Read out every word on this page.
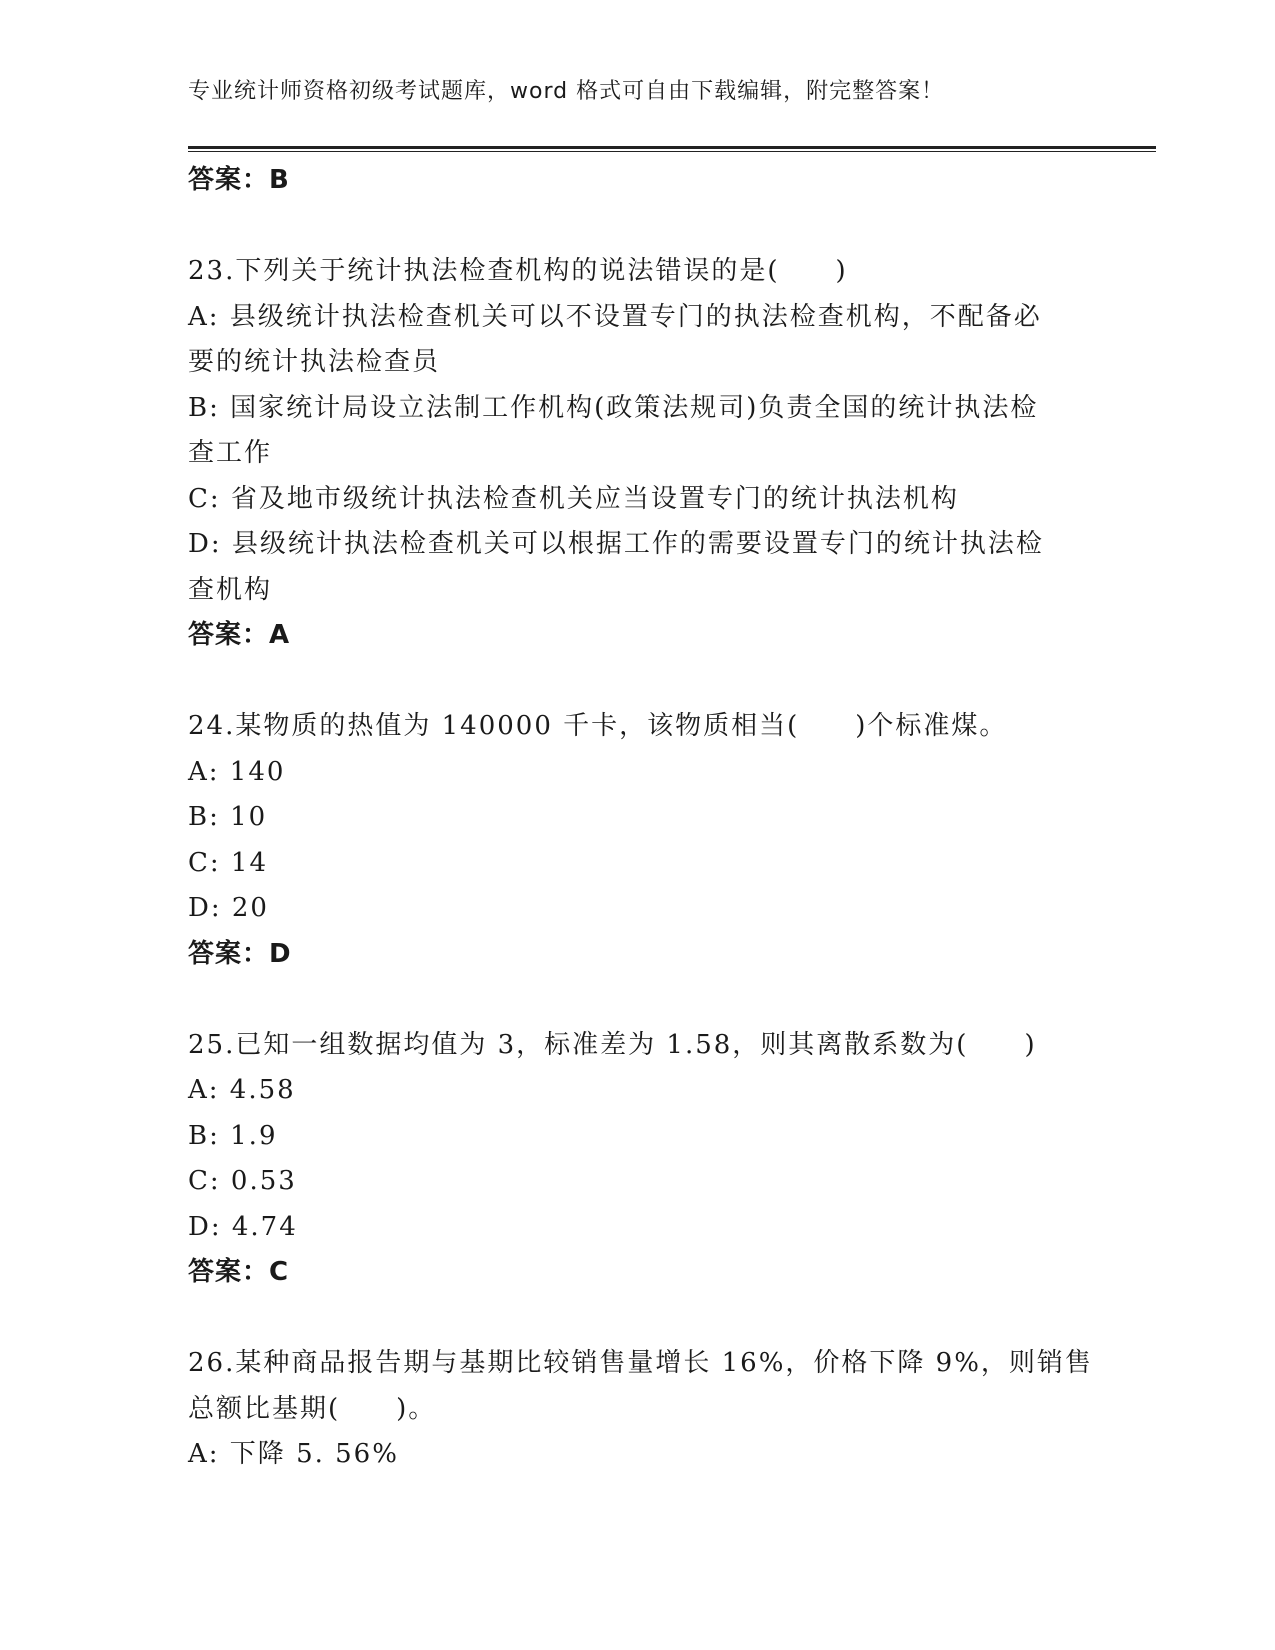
专业统计师资格初级考试题库，word 格式可自由下载编辑，附完整答案！
答案：B
23.下列关于统计执法检查机构的说法错误的是(　　)
A: 县级统计执法检查机关可以不设置专门的执法检查机构，不配备必
要的统计执法检查员
B: 国家统计局设立法制工作机构(政策法规司)负责全国的统计执法检
查工作
C: 省及地市级统计执法检查机关应当设置专门的统计执法机构
D: 县级统计执法检查机关可以根据工作的需要设置专门的统计执法检
查机构
答案：A
24.某物质的热值为 140000 千卡，该物质相当(　　)个标准煤。
A: 140
B: 10
C: 14
D: 20
答案：D
25.已知一组数据均值为 3，标准差为 1.58，则其离散系数为(　　)
A: 4.58
B: 1.9
C: 0.53
D: 4.74
答案：C
26.某种商品报告期与基期比较销售量增长 16%，价格下降 9%，则销售
总额比基期(　　)。
A: 下降 5. 56%
